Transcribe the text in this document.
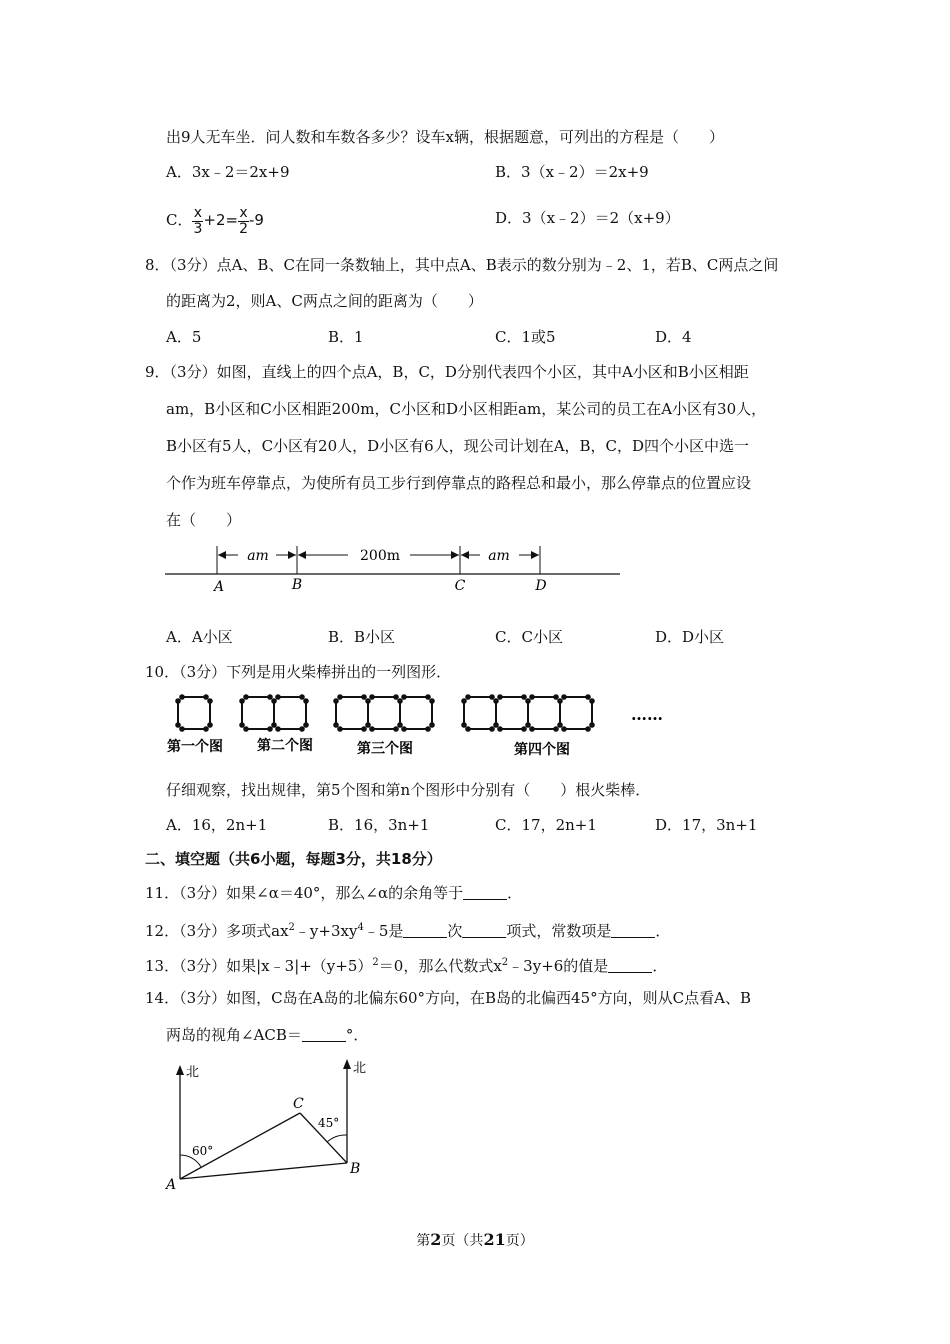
出9人无车坐．问人数和车数各多少？设车x辆，根据题意，可列出的方程是（　　）
A．3x﹣2＝2x+9	B．3（x﹣2）＝2x+9
C． $\frac{x}{3} +2= \frac{x}{2} -9$	D．3（x﹣2）＝2（x+9）
8．（3分）点A、B、C在同一条数轴上，其中点A、B表示的数分别为﹣2、1，若B、C两点之间
的距离为2，则A、C两点之间的距离为（　　）
A．5	B．1	C．1或5	D．4
9．（3分）如图，直线上的四个点A，B，C，D分别代表四个小区，其中A小区和B小区相距
am，B小区和C小区相距200m，C小区和D小区相距am，某公司的员工在A小区有30人，
B小区有5人，C小区有20人，D小区有6人，现公司计划在A，B，C，D四个小区中选一
个作为班车停靠点，为使所有员工步行到停靠点的路程总和最小，那么停靠点的位置应设
在（　　）
am	200m	am
A	B	C	D
A．A小区	B．B小区	C．C小区	D．D小区
10．（3分）下列是用火柴棒拼出的一列图形．
第一个图 第二个图	第三个图	第四个图
……
仔细观察，找出规律，第5个图和第n个图形中分别有（　　）根火柴棒．
A．16，2n+1	B．16，3n+1	C．17，2n+1	D．17，3n+1
二、填空题（共6小题，每题3分，共18分）
11．（3分）如果∠α＝40°，那么∠α的余角等于	．
12．（3分）多项式$ax^2﹣y+3xy^4﹣5$是	次	项式，常数项是	．
13．（3分）如果$|x﹣3|+(y+5)^2=0$，那么代数式$x^2﹣3y+6$的值是	．
14．（3分）如图，C岛在A岛的北偏东60°方向，在B岛的北偏西45°方向，则从C点看A、B
两岛的视角∠ACB＝	°．
北	北
60°
45°
A
B
C
第2页（共21页）
